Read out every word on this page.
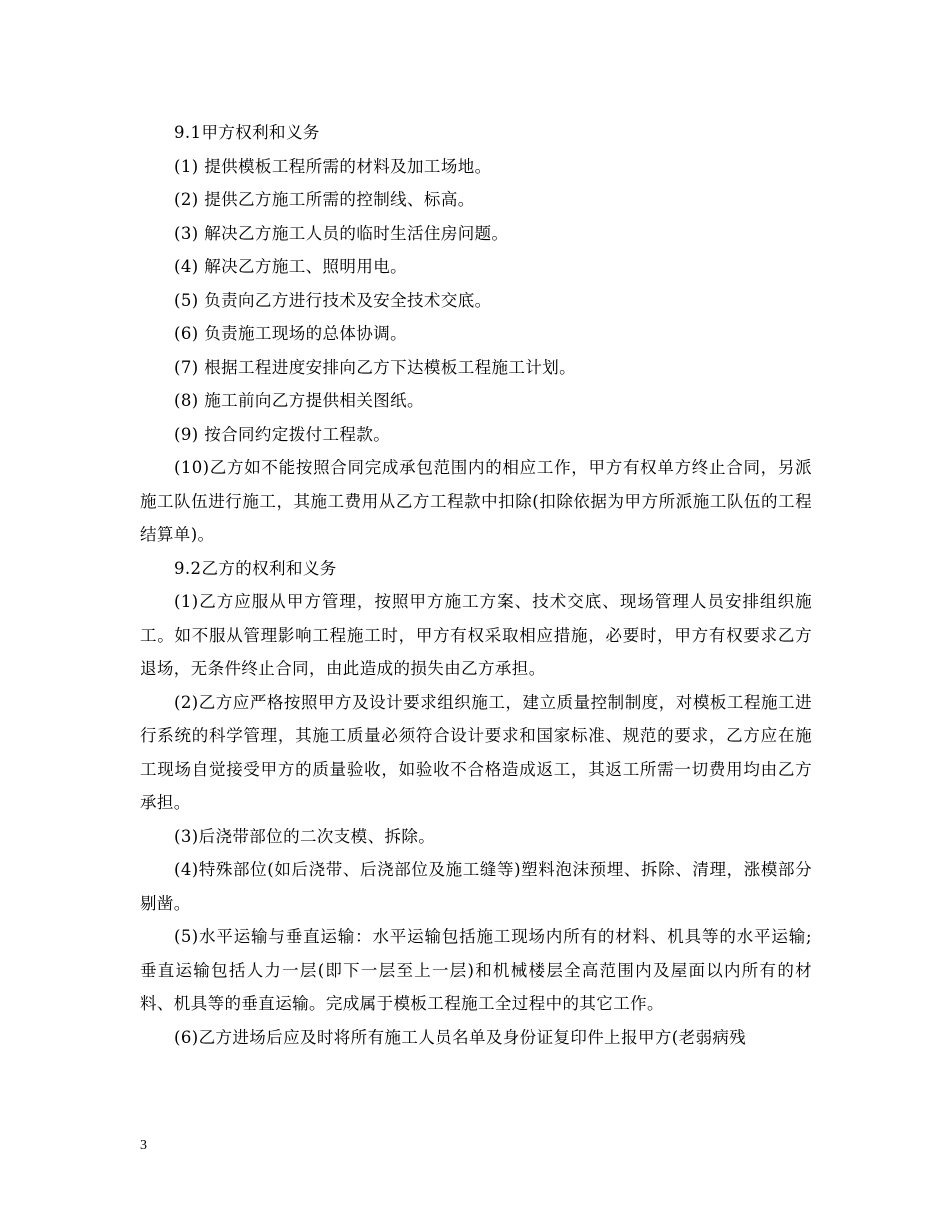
9.1甲方权利和义务

(1) 提供模板工程所需的材料及加工场地。

(2) 提供乙方施工所需的控制线、标高。

(3) 解决乙方施工人员的临时生活住房问题。

(4) 解决乙方施工、照明用电。

(5) 负责向乙方进行技术及安全技术交底。

(6) 负责施工现场的总体协调。

(7) 根据工程进度安排向乙方下达模板工程施工计划。

(8) 施工前向乙方提供相关图纸。

(9) 按合同约定拨付工程款。

(10)乙方如不能按照合同完成承包范围内的相应工作，甲方有权单方终止合同，另派施工队伍进行施工，其施工费用从乙方工程款中扣除(扣除依据为甲方所派施工队伍的工程结算单)。

9.2乙方的权利和义务

(1)乙方应服从甲方管理，按照甲方施工方案、技术交底、现场管理人员安排组织施工。如不服从管理影响工程施工时，甲方有权采取相应措施，必要时，甲方有权要求乙方退场，无条件终止合同，由此造成的损失由乙方承担。

(2)乙方应严格按照甲方及设计要求组织施工，建立质量控制制度，对模板工程施工进行系统的科学管理，其施工质量必须符合设计要求和国家标准、规范的要求，乙方应在施工现场自觉接受甲方的质量验收，如验收不合格造成返工，其返工所需一切费用均由乙方承担。

(3)后浇带部位的二次支模、拆除。

(4)特殊部位(如后浇带、后浇部位及施工缝等)塑料泡沫预埋、拆除、清理，涨模部分剔凿。

(5)水平运输与垂直运输：水平运输包括施工现场内所有的材料、机具等的水平运输;垂直运输包括人力一层(即下一层至上一层)和机械楼层全高范围内及屋面以内所有的材料、机具等的垂直运输。完成属于模板工程施工全过程中的其它工作。

(6)乙方进场后应及时将所有施工人员名单及身份证复印件上报甲方(老弱病残

3
